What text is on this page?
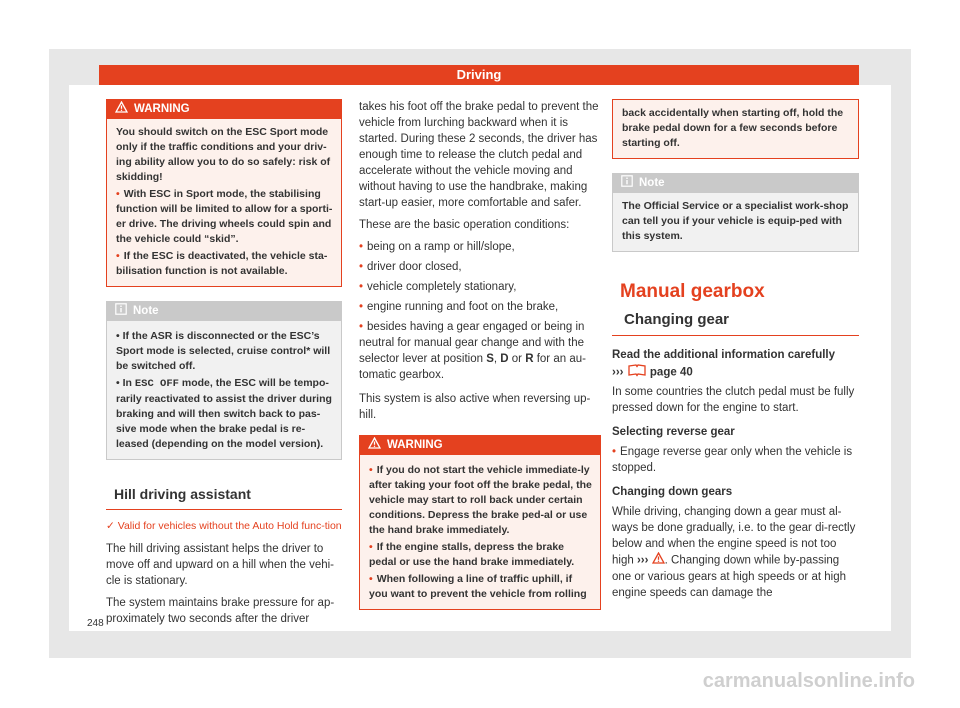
Driving
WARNING

You should switch on the ESC Sport mode only if the traffic conditions and your driv-ing ability allow you to do so safely: risk of skidding!

• With ESC in Sport mode, the stabilising function will be limited to allow for a sporti-er drive. The driving wheels could spin and the vehicle could “skid”.

• If the ESC is deactivated, the vehicle sta-bilisation function is not available.

Note

• If the ASR is disconnected or the ESC’s Sport mode is selected, cruise control* will be switched off.

• In ESC OFF mode, the ESC will be tempo-rarily reactivated to assist the driver during braking and will then switch back to pas-sive mode when the brake pedal is re-leased (depending on the model version).

Hill driving assistant
✓ Valid for vehicles without the Auto Hold func-tion

The hill driving assistant helps the driver to move off and upward on a hill when the vehi-cle is stationary.

The system maintains brake pressure for ap-proximately two seconds after the driver

takes his foot off the brake pedal to prevent the vehicle from lurching backward when it is started. During these 2 seconds, the driver has enough time to release the clutch pedal and accelerate without the vehicle moving and without having to use the handbrake, making start-up easier, more comfortable and safer.

These are the basic operation conditions:

• being on a ramp or hill/slope,
• driver door closed,
• vehicle completely stationary,
• engine running and foot on the brake,
• besides having a gear engaged or being in neutral for manual gear change and with the selector lever at position S, D or R for an au-tomatic gearbox.

This system is also active when reversing up-hill.

WARNING

• If you do not start the vehicle immediate-ly after taking your foot off the brake pedal, the vehicle may start to roll back under certain conditions. Depress the brake ped-al or use the hand brake immediately.

• If the engine stalls, depress the brake pedal or use the hand brake immediately.

• When following a line of traffic uphill, if you want to prevent the vehicle from rolling

back accidentally when starting off, hold the brake pedal down for a few seconds before starting off.

Note

The Official Service or a specialist work-shop can tell you if your vehicle is equip-ped with this system.

Manual gearbox
Changing gear

Read the additional information carefully
››› page 40

In some countries the clutch pedal must be fully pressed down for the engine to start.

Selecting reverse gear

• Engage reverse gear only when the vehicle is stopped.

Changing down gears

While driving, changing down a gear must al-ways be done gradually, i.e. to the gear di-rectly below and when the engine speed is not too high ››› . Changing down while by-passing one or various gears at high speeds or at high engine speeds can damage the

248
carmanualsonline.info
